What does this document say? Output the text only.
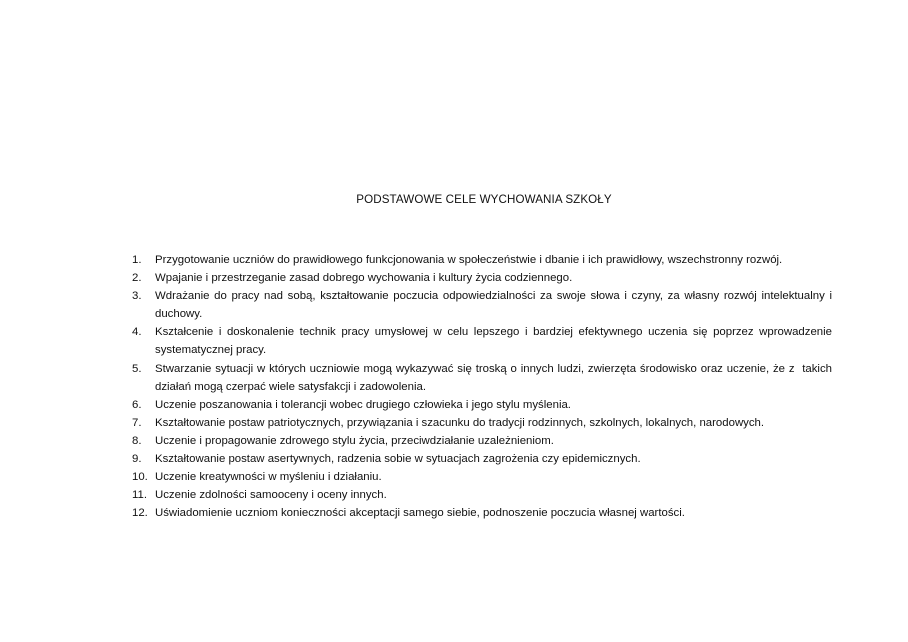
PODSTAWOWE CELE WYCHOWANIA SZKOŁY
1.	Przygotowanie uczniów do prawidłowego funkcjonowania w społeczeństwie i dbanie i ich prawidłowy, wszechstronny rozwój.
2.	Wpajanie i przestrzeganie zasad dobrego wychowania i kultury życia codziennego.
3.	Wdrażanie do pracy nad sobą, kształtowanie poczucia odpowiedzialności za swoje słowa i czyny, za własny rozwój intelektualny i duchowy.
4.	Kształcenie i doskonalenie technik pracy umysłowej w celu lepszego i bardziej efektywnego uczenia się poprzez wprowadzenie systematycznej pracy.
5.	Stwarzanie sytuacji w których uczniowie mogą wykazywać się troską o innych ludzi, zwierzęta środowisko oraz uczenie, że z  takich działań mogą czerpać wiele satysfakcji i zadowolenia.
6.	Uczenie poszanowania i tolerancji wobec drugiego człowieka i jego stylu myślenia.
7.	Kształtowanie postaw patriotycznych, przywiązania i szacunku do tradycji rodzinnych, szkolnych, lokalnych, narodowych.
8.	Uczenie i propagowanie zdrowego stylu życia, przeciwdziałanie uzależnieniom.
9.	Kształtowanie postaw asertywnych, radzenia sobie w sytuacjach zagrożenia czy epidemicznych.
10. Uczenie kreatywności w myśleniu i działaniu.
11. Uczenie zdolności samooceny i oceny innych.
12. Uświadomienie uczniom konieczności akceptacji samego siebie, podnoszenie poczucia własnej wartości.
